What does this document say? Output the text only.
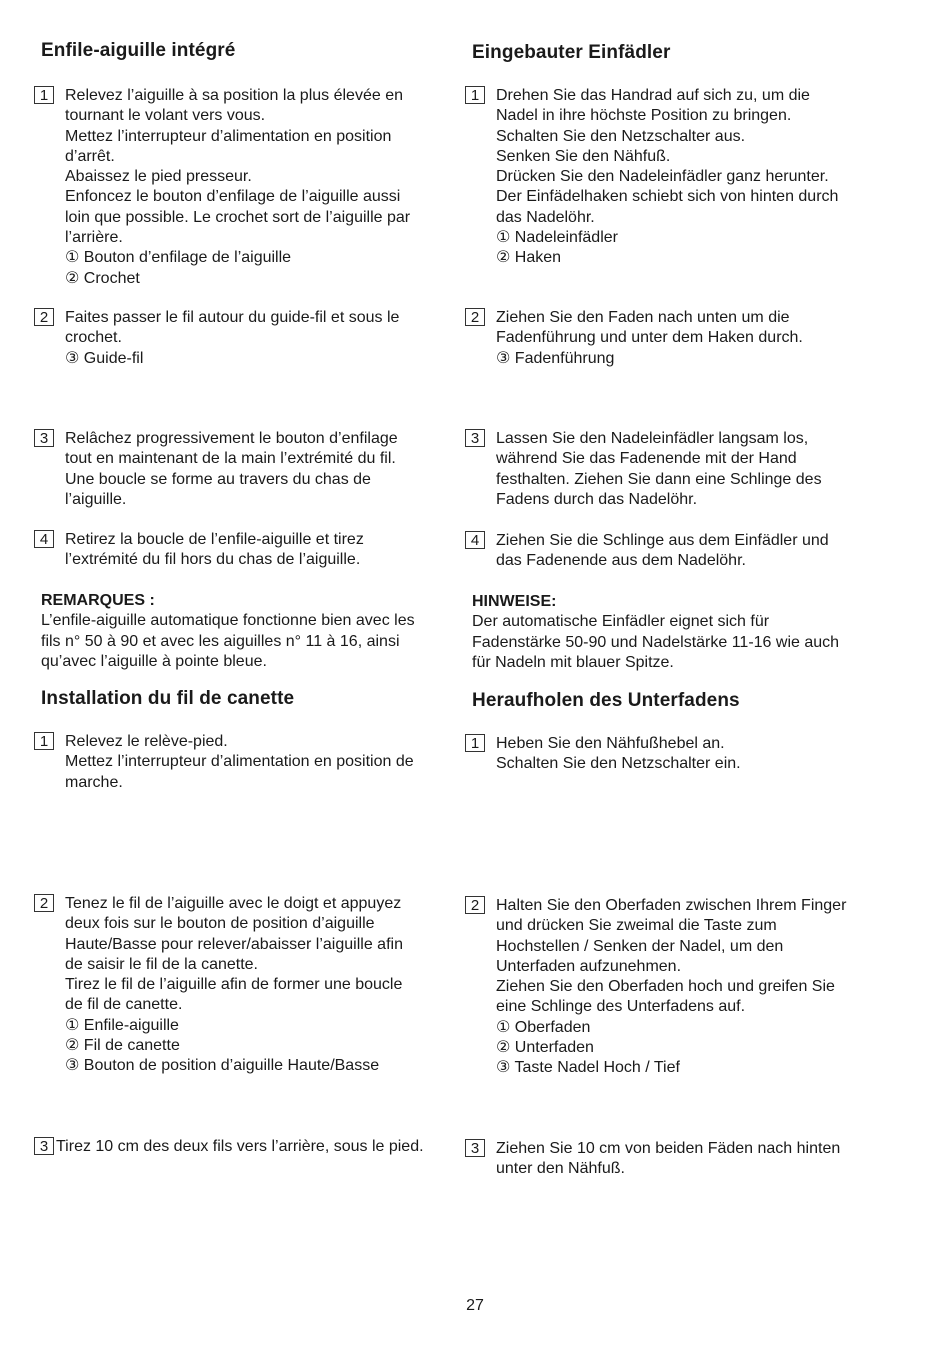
Enfile-aiguille intégré
1	Relevez l’aiguille à sa position la plus élevée en
tournant le volant vers vous.
Mettez l’interrupteur d’alimentation en position
d’arrêt.
Abaissez le pied presseur.
Enfoncez le bouton d’enfilage de l’aiguille aussi
loin que possible. Le crochet sort de l’aiguille par
l’arrière.
① Bouton d’enfilage de l’aiguille
② Crochet
2	Faites passer le fil autour du guide-fil et sous le
crochet.
③ Guide-fil
3	Relâchez progressivement le bouton d’enfilage
tout en maintenant de la main l’extrémité du fil.
Une boucle se forme au travers du chas de
l’aiguille.
4	Retirez la boucle de l’enfile-aiguille et tirez
l’extrémité du fil hors du chas de l’aiguille.
REMARQUES :
L’enfile-aiguille automatique fonctionne bien avec les
fils n° 50 à 90 et avec les aiguilles n° 11 à 16, ainsi
qu’avec l’aiguille à pointe bleue.
Installation du fil de canette
1	Relevez le relève-pied.
Mettez l’interrupteur d’alimentation en position de
marche.
2	Tenez le fil de l’aiguille avec le doigt et appuyez
deux fois sur le bouton de position d’aiguille
Haute/Basse pour relever/abaisser l’aiguille afin
de saisir le fil de la canette.
Tirez le fil de l’aiguille afin de former une boucle
de fil de canette.
① Enfile-aiguille
② Fil de canette
③ Bouton de position d’aiguille Haute/Basse
3 Tirez 10 cm des deux fils vers l’arrière, sous le pied.
Eingebauter Einfädler
1	Drehen Sie das Handrad auf sich zu, um die
Nadel in ihre höchste Position zu bringen.
Schalten Sie den Netzschalter aus.
Senken Sie den Nähfuß.
Drücken Sie den Nadeleinfädler ganz herunter.
Der Einfädelhaken schiebt sich von hinten durch
das Nadelöhr.
① Nadeleinfädler
② Haken
2	Ziehen Sie den Faden nach unten um die
Fadenführung und unter dem Haken durch.
③ Fadenführung
3	Lassen Sie den Nadeleinfädler langsam los,
während Sie das Fadenende mit der Hand
festhalten. Ziehen Sie dann eine Schlinge des
Fadens durch das Nadelöhr.
4	Ziehen Sie die Schlinge aus dem Einfädler und
das Fadenende aus dem Nadelöhr.
HINWEISE:
Der automatische Einfädler eignet sich für
Fadenstärke 50-90 und Nadelstärke 11-16 wie auch
für Nadeln mit blauer Spitze.
Heraufholen des Unterfadens
1	Heben Sie den Nähfußhebel an.
Schalten Sie den Netzschalter ein.
2	Halten Sie den Oberfaden zwischen Ihrem Finger
und drücken Sie zweimal die Taste zum
Hochstellen / Senken der Nadel, um den
Unterfaden aufzunehmen.
Ziehen Sie den Oberfaden hoch und greifen Sie
eine Schlinge des Unterfadens auf.
① Oberfaden
② Unterfaden
③ Taste Nadel Hoch / Tief
3	Ziehen Sie 10 cm von beiden Fäden nach hinten
unter den Nähfuß.
27
